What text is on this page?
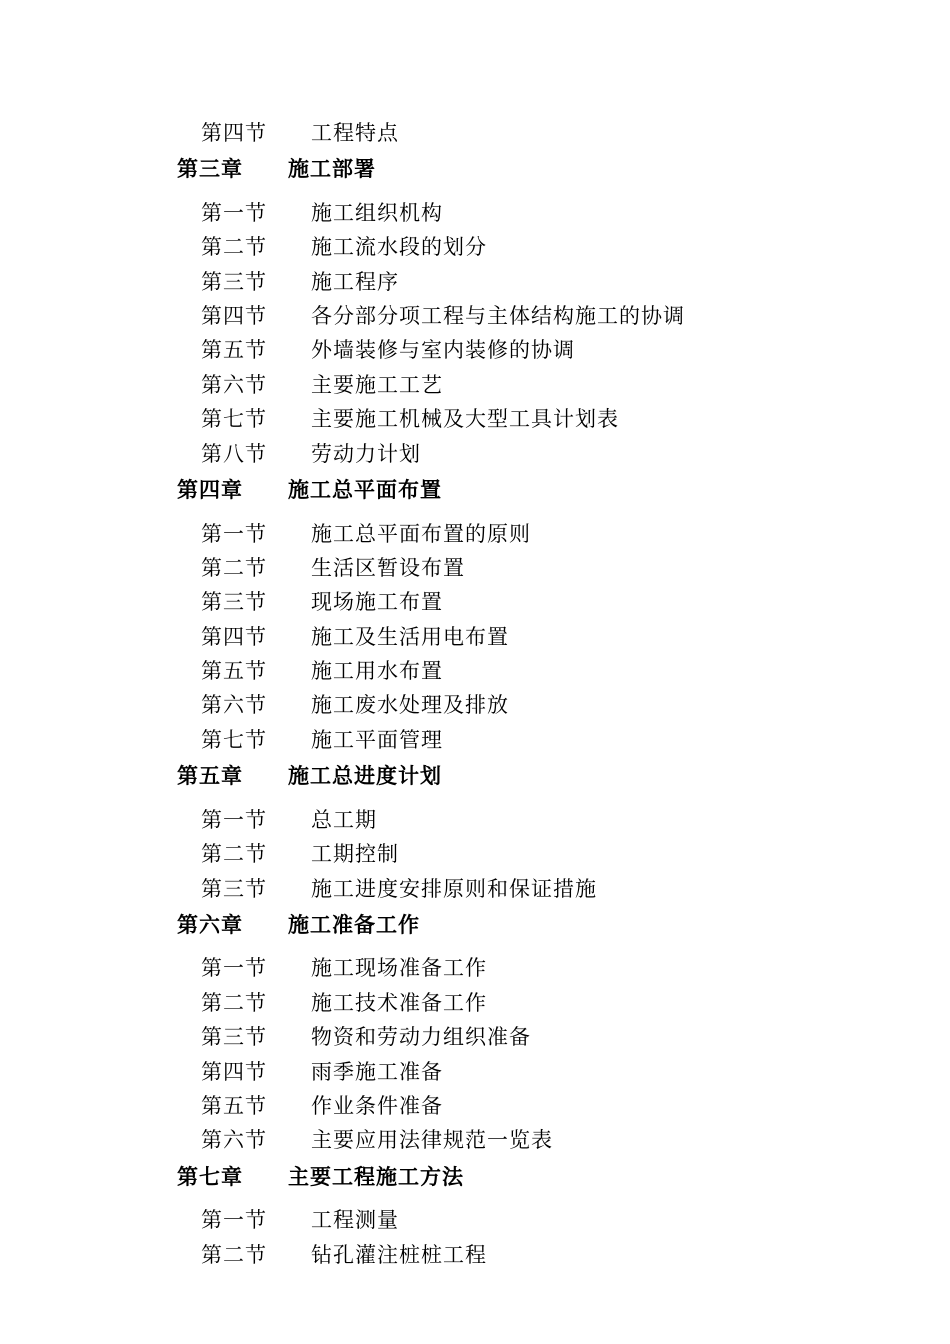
第四节 工程特点
第三章 施工部署
第一节 施工组织机构
第二节 施工流水段的划分
第三节 施工程序
第四节 各分部分项工程与主体结构施工的协调
第五节 外墙装修与室内装修的协调
第六节 主要施工工艺
第七节 主要施工机械及大型工具计划表
第八节 劳动力计划
第四章 施工总平面布置
第一节 施工总平面布置的原则
第二节 生活区暂设布置
第三节 现场施工布置
第四节 施工及生活用电布置
第五节 施工用水布置
第六节 施工废水处理及排放
第七节 施工平面管理
第五章 施工总进度计划
第一节 总工期
第二节 工期控制
第三节 施工进度安排原则和保证措施
第六章 施工准备工作
第一节 施工现场准备工作
第二节 施工技术准备工作
第三节 物资和劳动力组织准备
第四节 雨季施工准备
第五节 作业条件准备
第六节 主要应用法律规范一览表
第七章 主要工程施工方法
第一节 工程测量
第二节 钻孔灌注桩桩工程
